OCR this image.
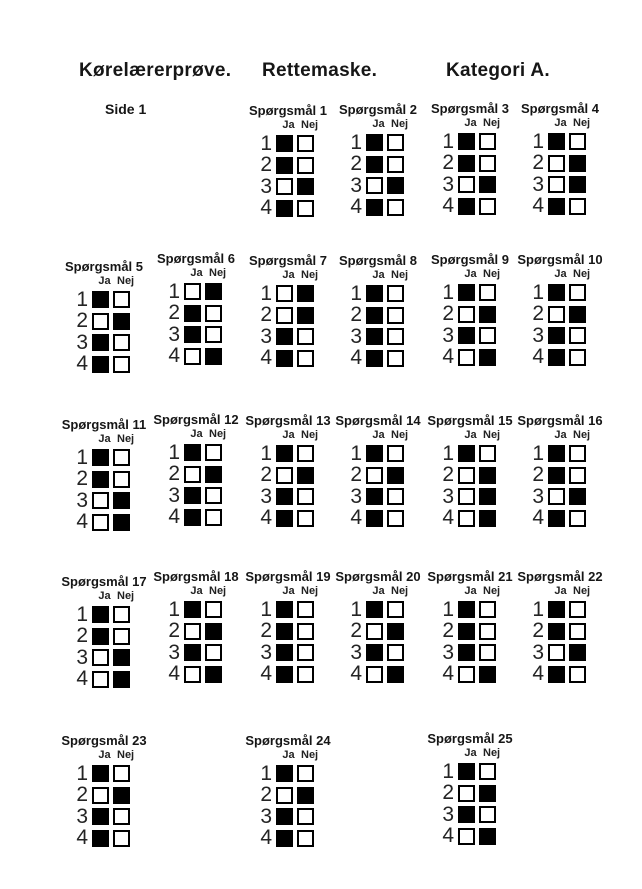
Kørelærerprøve. Rettemaske.	Kategori A.
Side 1	Spørgsmål 1
Ja Nej
1
2
3
4
Spørgsmål 2
Ja Nej
1
2
3
4
Spørgsmål 3
Ja Nej
1
2
3
4
Spørgsmål 4
Ja Nej
1
2
3
4
Spørgsmål 5
Ja Nej
1
2
3
4
Spørgsmål 6
Ja Nej
1
2
3
4
Spørgsmål 7
Ja Nej
1
2
3
4
Spørgsmål 8
Ja Nej
1
2
3
4
Spørgsmål 9
Ja Nej
1
2
3
4
Spørgsmål 10
Ja Nej
1
2
3
4
Spørgsmål 11
Ja Nej
1
2
3
4
Spørgsmål 12
Ja Nej
1
2
3
4
Spørgsmål 13
Ja Nej
1
2
3
4
Spørgsmål 14
Ja Nej
1
2
3
4
Spørgsmål 15
Ja Nej
1
2
3
4
Spørgsmål 16
Ja Nej
1
2
3
4
Spørgsmål 17
Ja Nej
1
2
3
4
Spørgsmål 18
Ja Nej
1
2
3
4
Spørgsmål 19
Ja Nej
1
2
3
4
Spørgsmål 20
Ja Nej
1
2
3
4
Spørgsmål 21
Ja Nej
1
2
3
4
Spørgsmål 22
Ja Nej
1
2
3
4
Spørgsmål 23
Ja Nej
1
2
3
4
Spørgsmål 24
Ja Nej
1
2
3
4
Spørgsmål 25
Ja Nej
1
2
3
4
